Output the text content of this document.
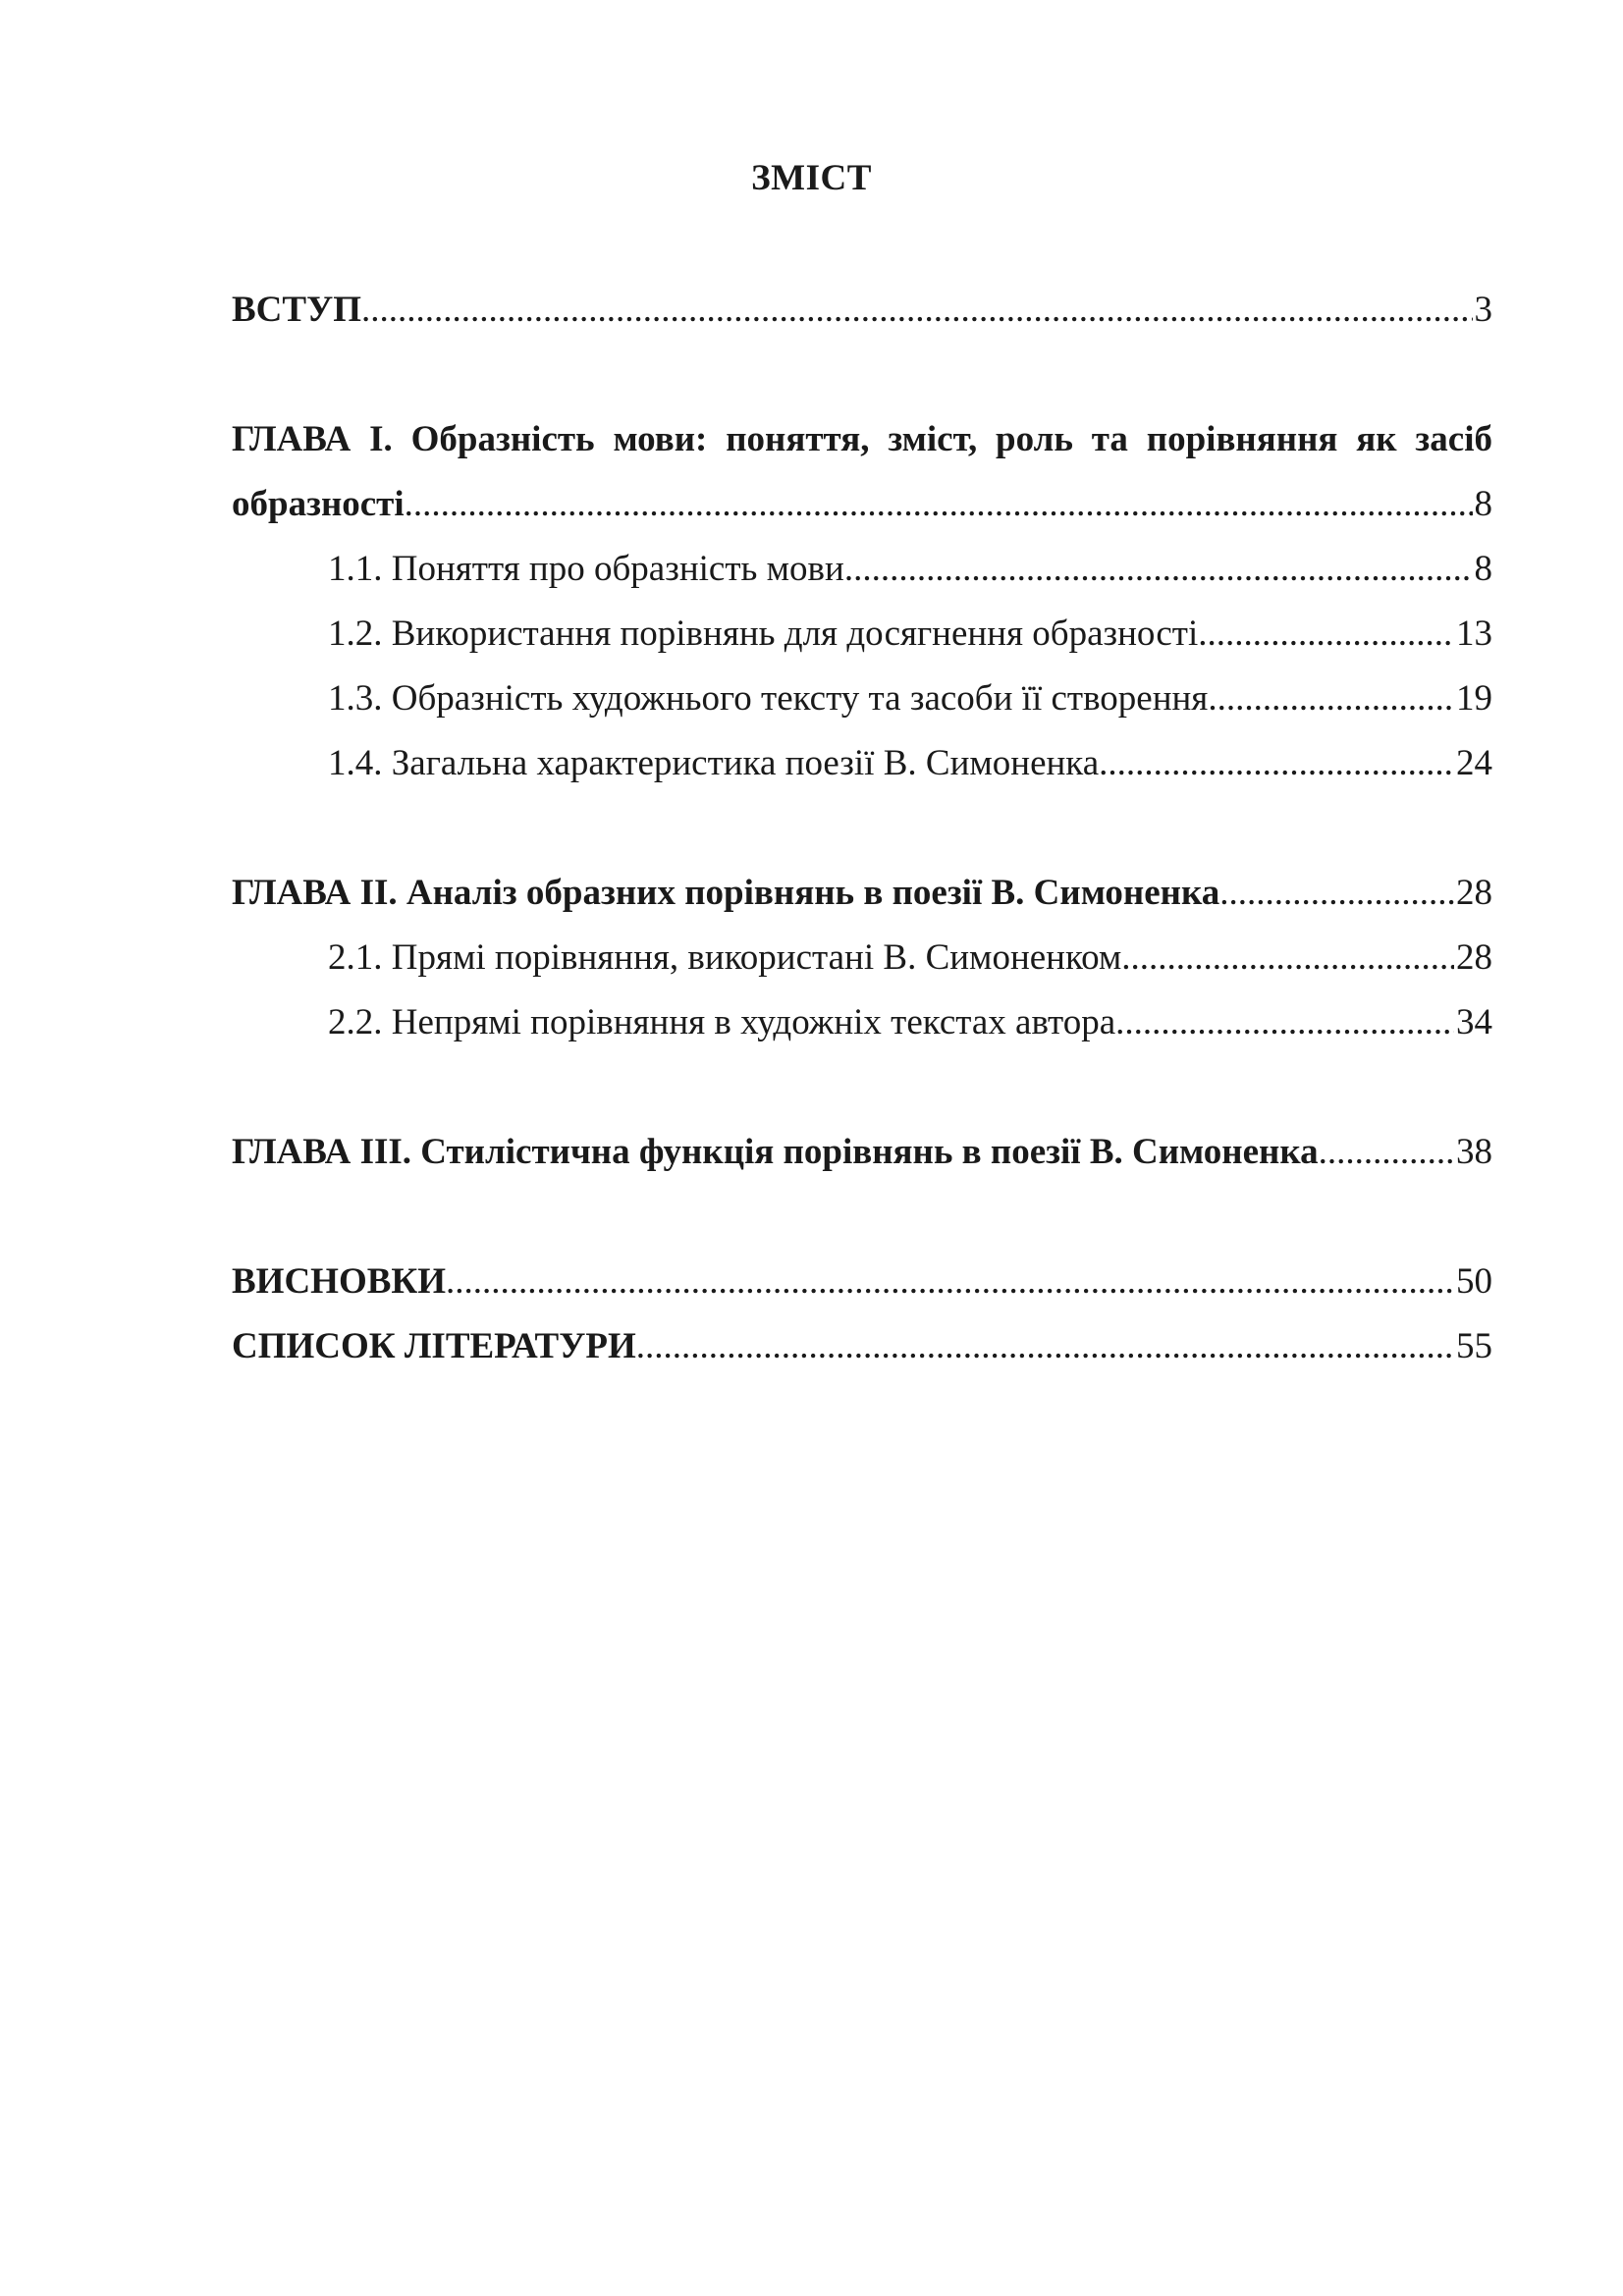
ЗМІСТ
ВСТУП .....	3
ГЛАВА І. Образність мови: поняття, зміст, роль та порівняння як засіб
образності .....	8
1.1. Поняття про образність мови .....	8
1.2. Використання порівнянь для досягнення образності .....	13
1.3. Образність художнього тексту та засоби її створення .....	19
1.4. Загальна характеристика поезії В. Симоненка .....	24
ГЛАВА ІІ. Аналіз образних порівнянь в поезії В. Симоненка .....	28
2.1. Прямі порівняння, використані В. Симоненком .....	28
2.2. Непрямі порівняння в художніх текстах автора .....	34
ГЛАВА ІІІ. Стилістична функція порівнянь в поезії В. Симоненка .....	38
ВИСНОВКИ .....	50
СПИСОК ЛІТЕРАТУРИ .....	55
